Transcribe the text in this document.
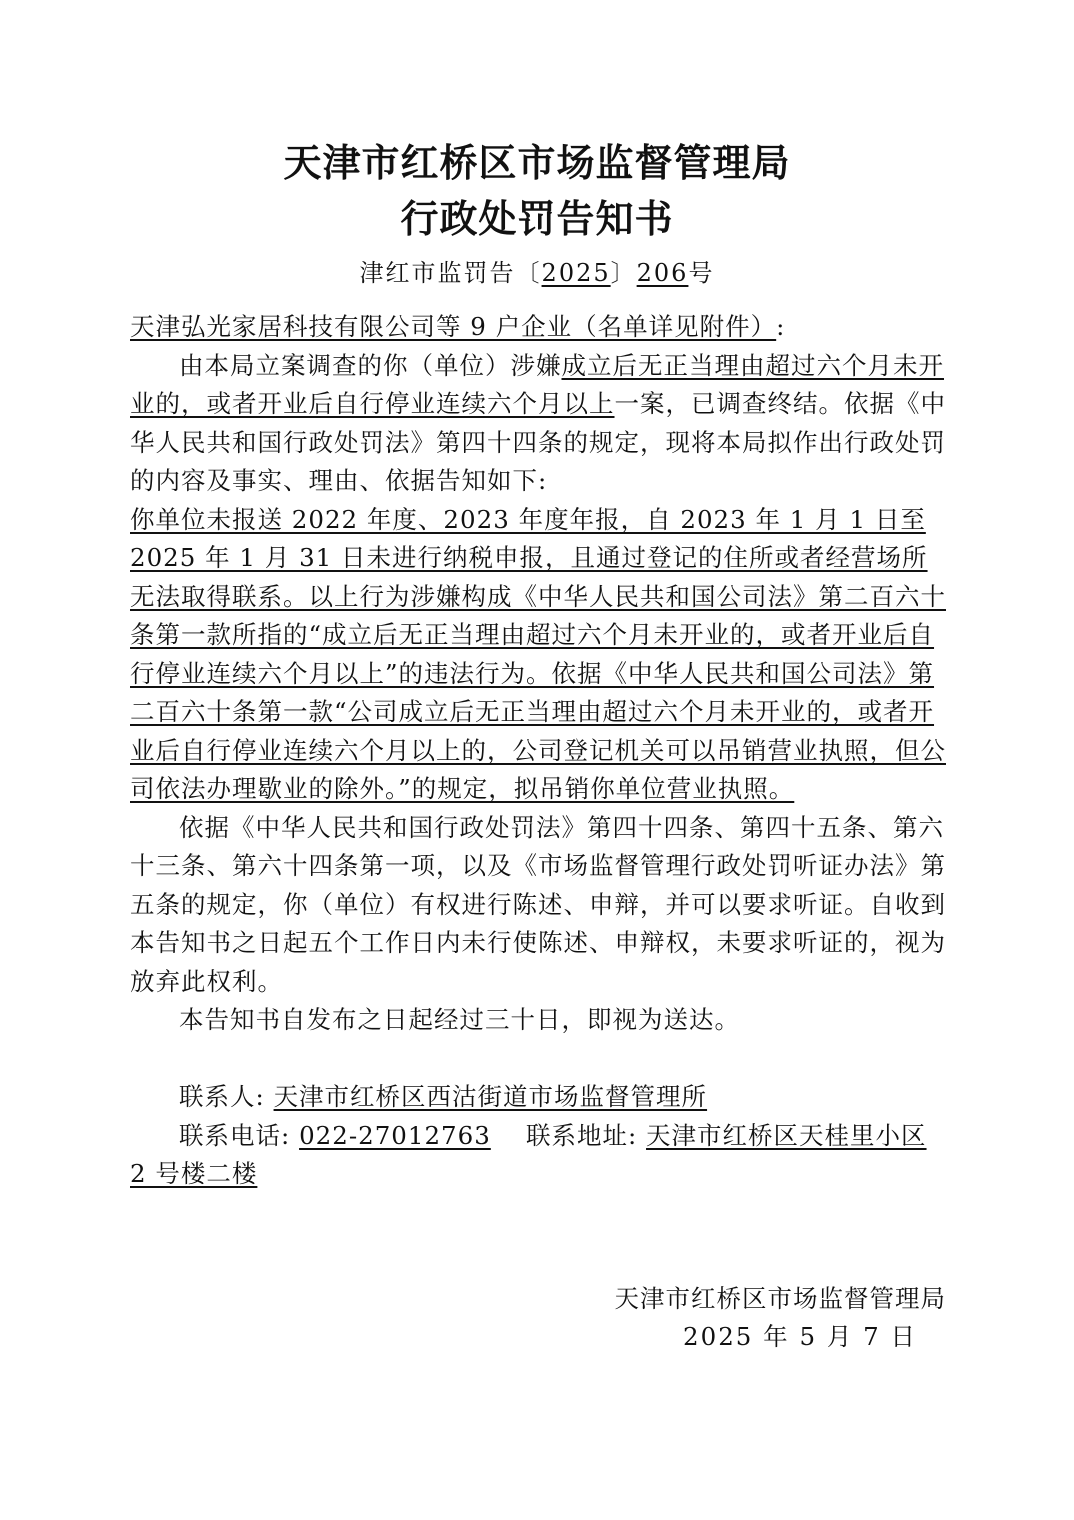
天津市红桥区市场监督管理局
行政处罚告知书
津红市监罚告〔2025〕206号

天津弘光家居科技有限公司等 9 户企业（名单详见附件）:

由本局立案调查的你（单位）涉嫌成立后无正当理由超过六个月未开业的，或者开业后自行停业连续六个月以上一案，已调查终结。依据《中华人民共和国行政处罚法》第四十四条的规定，现将本局拟作出行政处罚的内容及事实、理由、依据告知如下:

你单位未报送 2022 年度、2023 年度年报，自 2023 年 1 月 1 日至 2025 年 1 月 31 日未进行纳税申报，且通过登记的住所或者经营场所无法取得联系。以上行为涉嫌构成《中华人民共和国公司法》第二百六十条第一款所指的“成立后无正当理由超过六个月未开业的，或者开业后自行停业连续六个月以上”的违法行为。依据《中华人民共和国公司法》第二百六十条第一款“公司成立后无正当理由超过六个月未开业的，或者开业后自行停业连续六个月以上的，公司登记机关可以吊销营业执照，但公司依法办理歇业的除外。”的规定，拟吊销你单位营业执照。

依据《中华人民共和国行政处罚法》第四十四条、第四十五条、第六十三条、第六十四条第一项，以及《市场监督管理行政处罚听证办法》第五条的规定，你（单位）有权进行陈述、申辩，并可以要求听证。自收到本告知书之日起五个工作日内未行使陈述、申辩权，未要求听证的，视为放弃此权利。

本告知书自发布之日起经过三十日，即视为送达。

联系人: 天津市红桥区西沽街道市场监督管理所

联系电话: 022-27012763 联系地址: 天津市红桥区天桂里小区 2 号楼二楼

天津市红桥区市场监督管理局
2025 年 5 月 7 日
